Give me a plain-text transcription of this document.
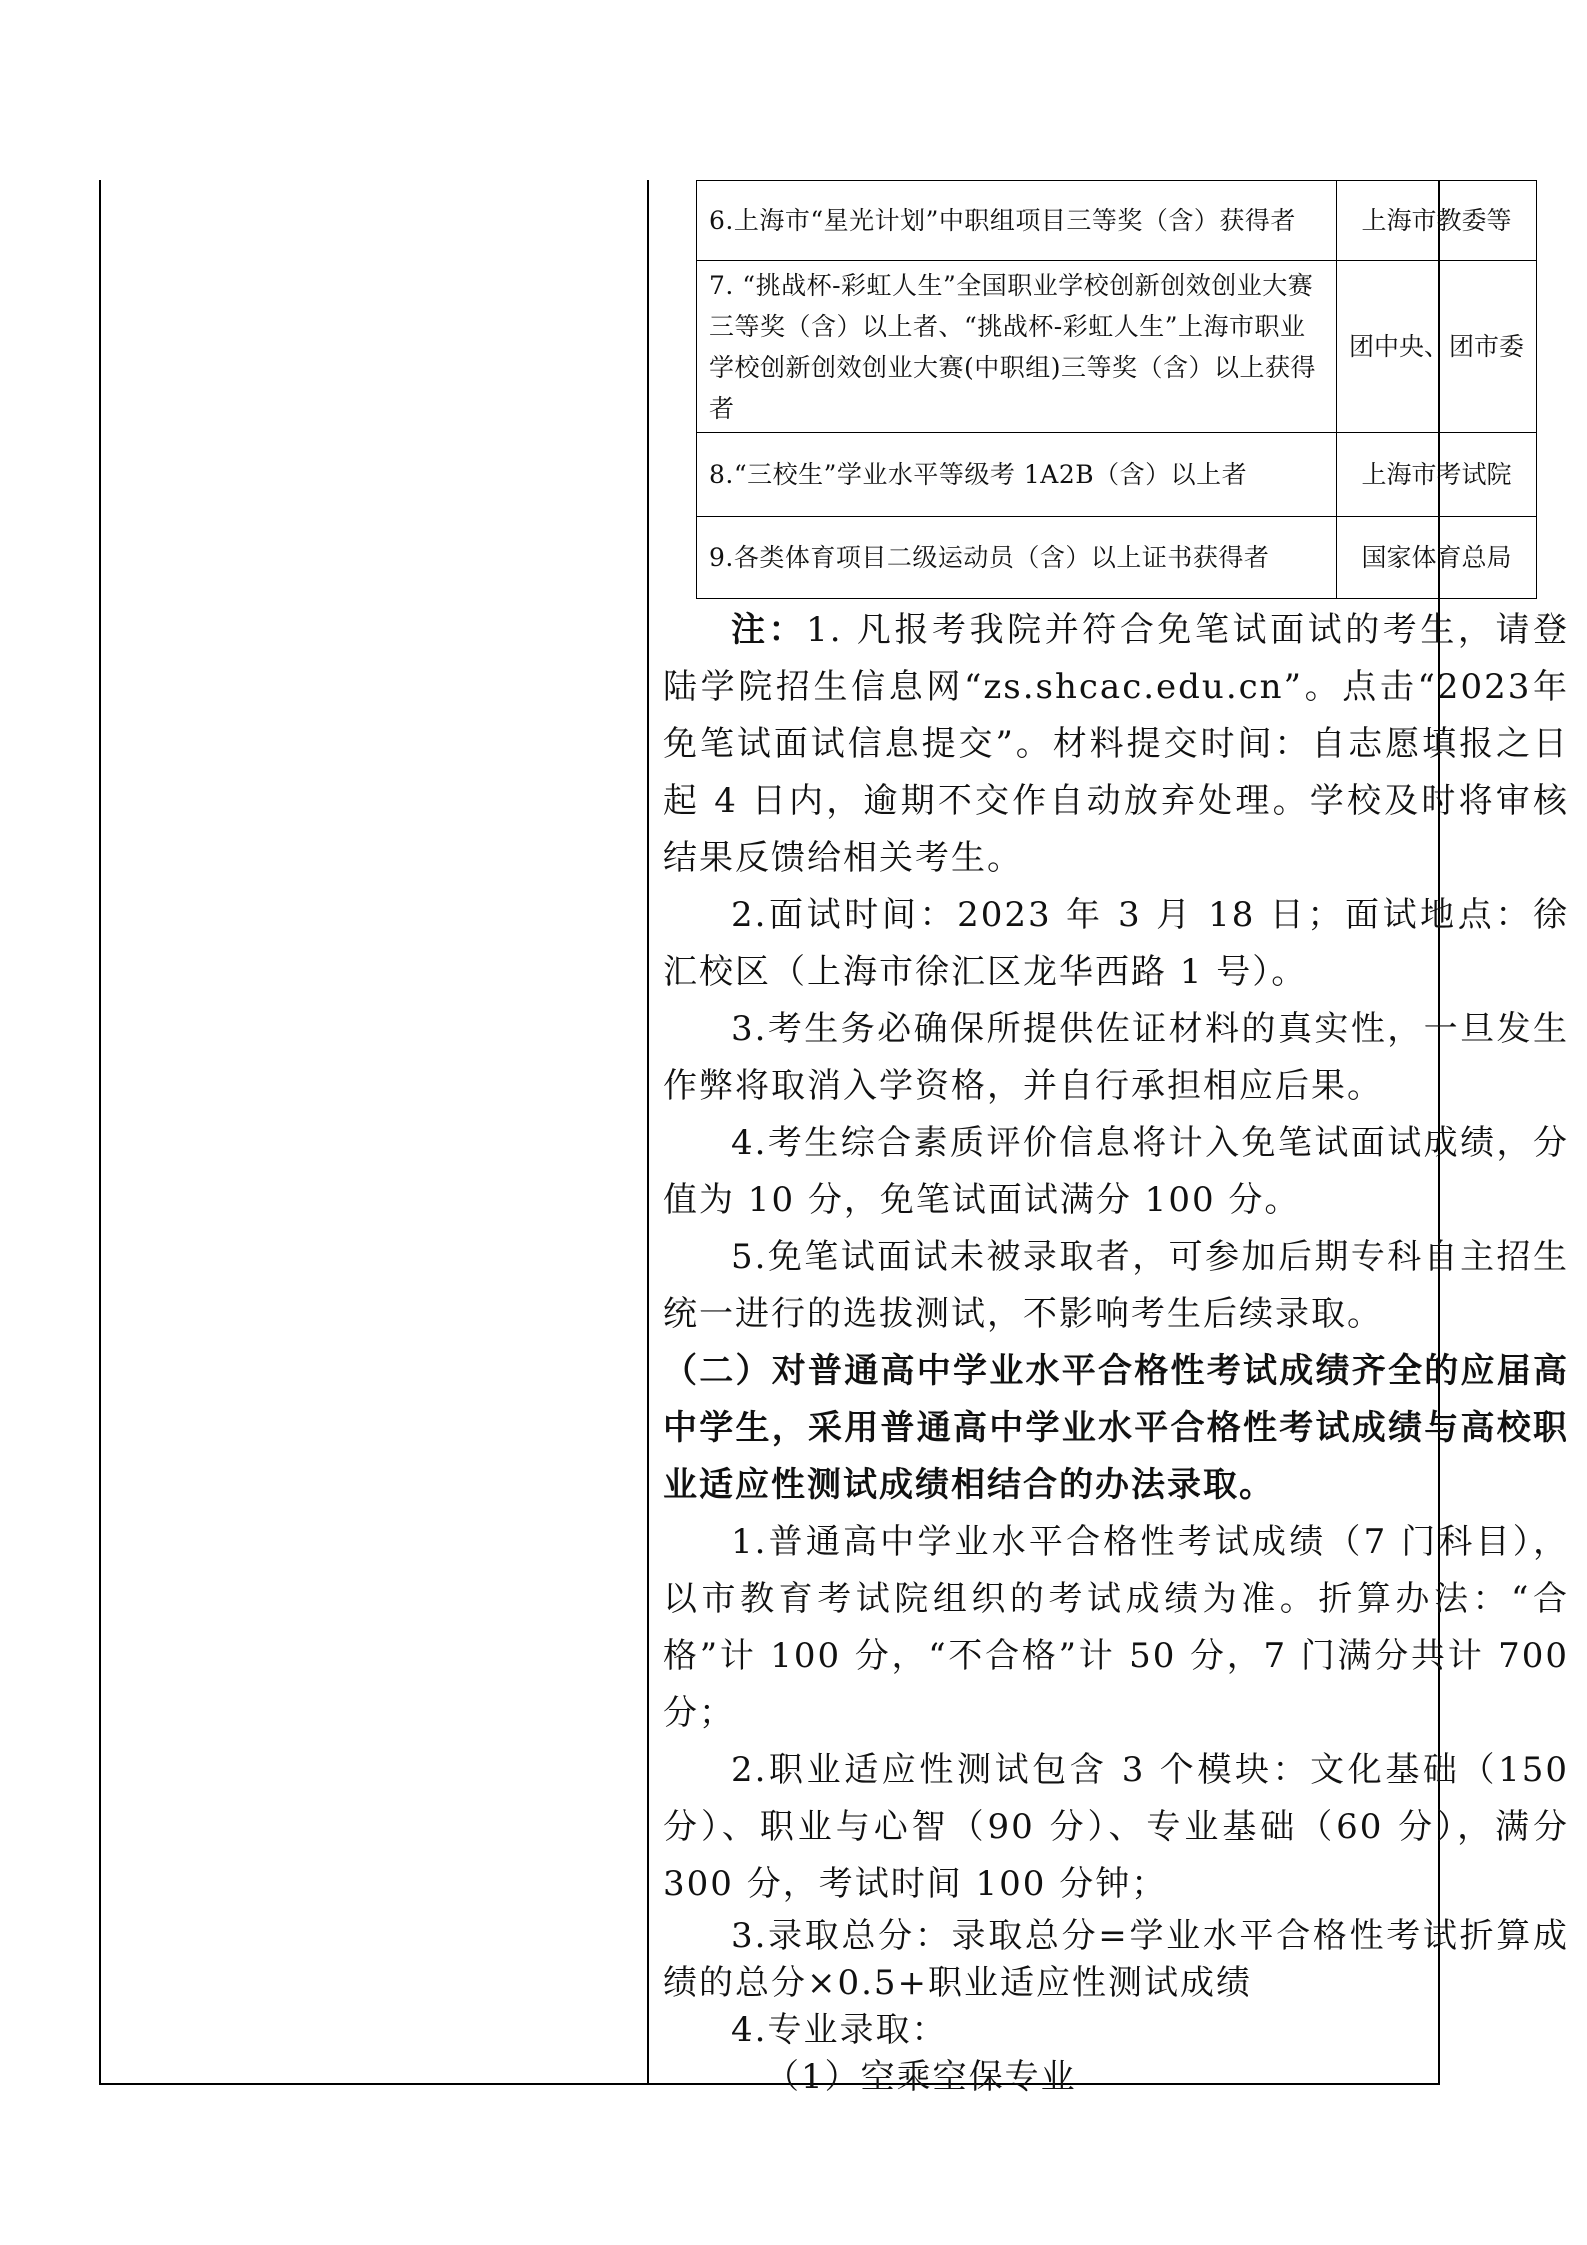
6.上海市“星光计划”中职组项目三等奖（含）获得者	上海市教委等
7. “挑战杯-彩虹人生”全国职业学校创新创效创业大赛三等奖（含）以上者、“挑战杯-彩虹人生”上海市职业学校创新创效创业大赛(中职组)三等奖（含）以上获得者	团中央、团市委
8.“三校生”学业水平等级考 1A2B（含）以上者	上海市考试院
9.各类体育项目二级运动员（含）以上证书获得者	国家体育总局

注：1. 凡报考我院并符合免笔试面试的考生，请登陆学院招生信息网“zs.shcac.edu.cn”。点击“2023年免笔试面试信息提交”。材料提交时间：自志愿填报之日起 4 日内，逾期不交作自动放弃处理。学校及时将审核结果反馈给相关考生。

2.面试时间：2023 年 3 月 18 日；面试地点：徐汇校区（上海市徐汇区龙华西路 1 号）。

3.考生务必确保所提供佐证材料的真实性，一旦发生作弊将取消入学资格，并自行承担相应后果。

4.考生综合素质评价信息将计入免笔试面试成绩，分值为 10 分，免笔试面试满分 100 分。

5.免笔试面试未被录取者，可参加后期专科自主招生统一进行的选拔测试，不影响考生后续录取。

（二）对普通高中学业水平合格性考试成绩齐全的应届高中学生，采用普通高中学业水平合格性考试成绩与高校职业适应性测试成绩相结合的办法录取。

1.普通高中学业水平合格性考试成绩（7 门科目），以市教育考试院组织的考试成绩为准。折算办法：“合格”计 100 分，“不合格”计 50 分，7 门满分共计 700 分；

2.职业适应性测试包含 3 个模块：文化基础（150 分）、职业与心智（90 分）、专业基础（60 分），满分 300 分，考试时间 100 分钟；

3.录取总分：录取总分=学业水平合格性考试折算成绩的总分×0.5+职业适应性测试成绩

4.专业录取：

（1）空乘空保专业
